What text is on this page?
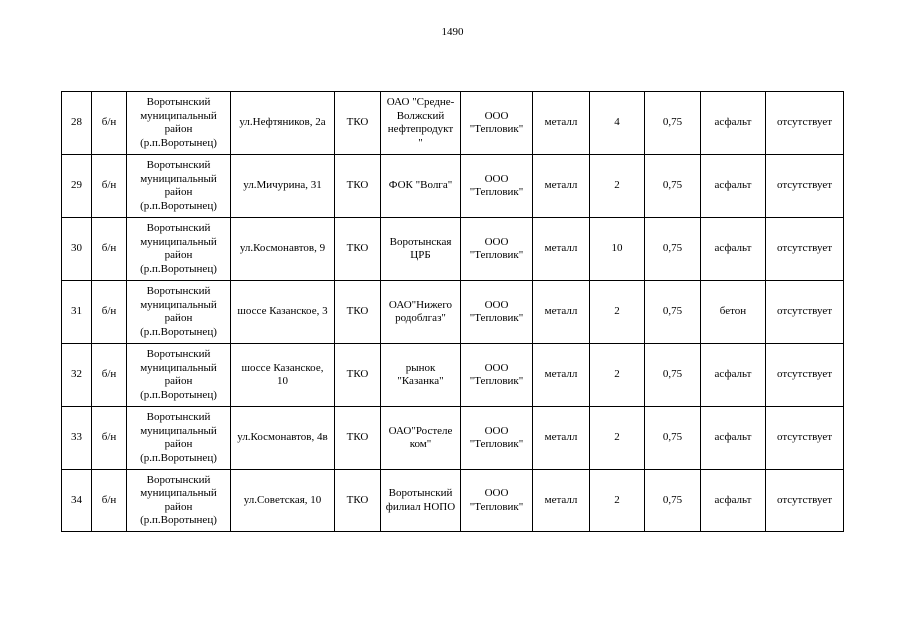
1490
28	б/н	Воротынский
муниципальный
район
(р.п.Воротынец)	ул.Нефтяников, 2а	ТКО	ОАО "Средне-
Волжский
нефтепродукт
"	ООО
"Тепловик"	металл	4	0,75	асфальт	отсутствует
29	б/н	Воротынский
муниципальный
район
(р.п.Воротынец)	ул.Мичурина, 31	ТКО	ФОК "Волга"	ООО
"Тепловик"	металл	2	0,75	асфальт	отсутствует
30	б/н	Воротынский
муниципальный
район
(р.п.Воротынец)	ул.Космонавтов, 9	ТКО	Воротынская
ЦРБ	ООО
"Тепловик"	металл	10	0,75	асфальт	отсутствует
31	б/н	Воротынский
муниципальный
район
(р.п.Воротынец)	шоссе Казанское, 3	ТКО	ОАО"Нижего
родоблгаз"	ООО
"Тепловик"	металл	2	0,75	бетон	отсутствует
32	б/н	Воротынский
муниципальный
район
(р.п.Воротынец)	шоссе Казанское,
10	ТКО	рынок
"Казанка"	ООО
"Тепловик"	металл	2	0,75	асфальт	отсутствует
33	б/н	Воротынский
муниципальный
район
(р.п.Воротынец)	ул.Космонавтов, 4в	ТКО	ОАО"Ростеле
ком"	ООО
"Тепловик"	металл	2	0,75	асфальт	отсутствует
34	б/н	Воротынский
муниципальный
район
(р.п.Воротынец)	ул.Советская, 10	ТКО	Воротынский
филиал НОПО	ООО
"Тепловик"	металл	2	0,75	асфальт	отсутствует
